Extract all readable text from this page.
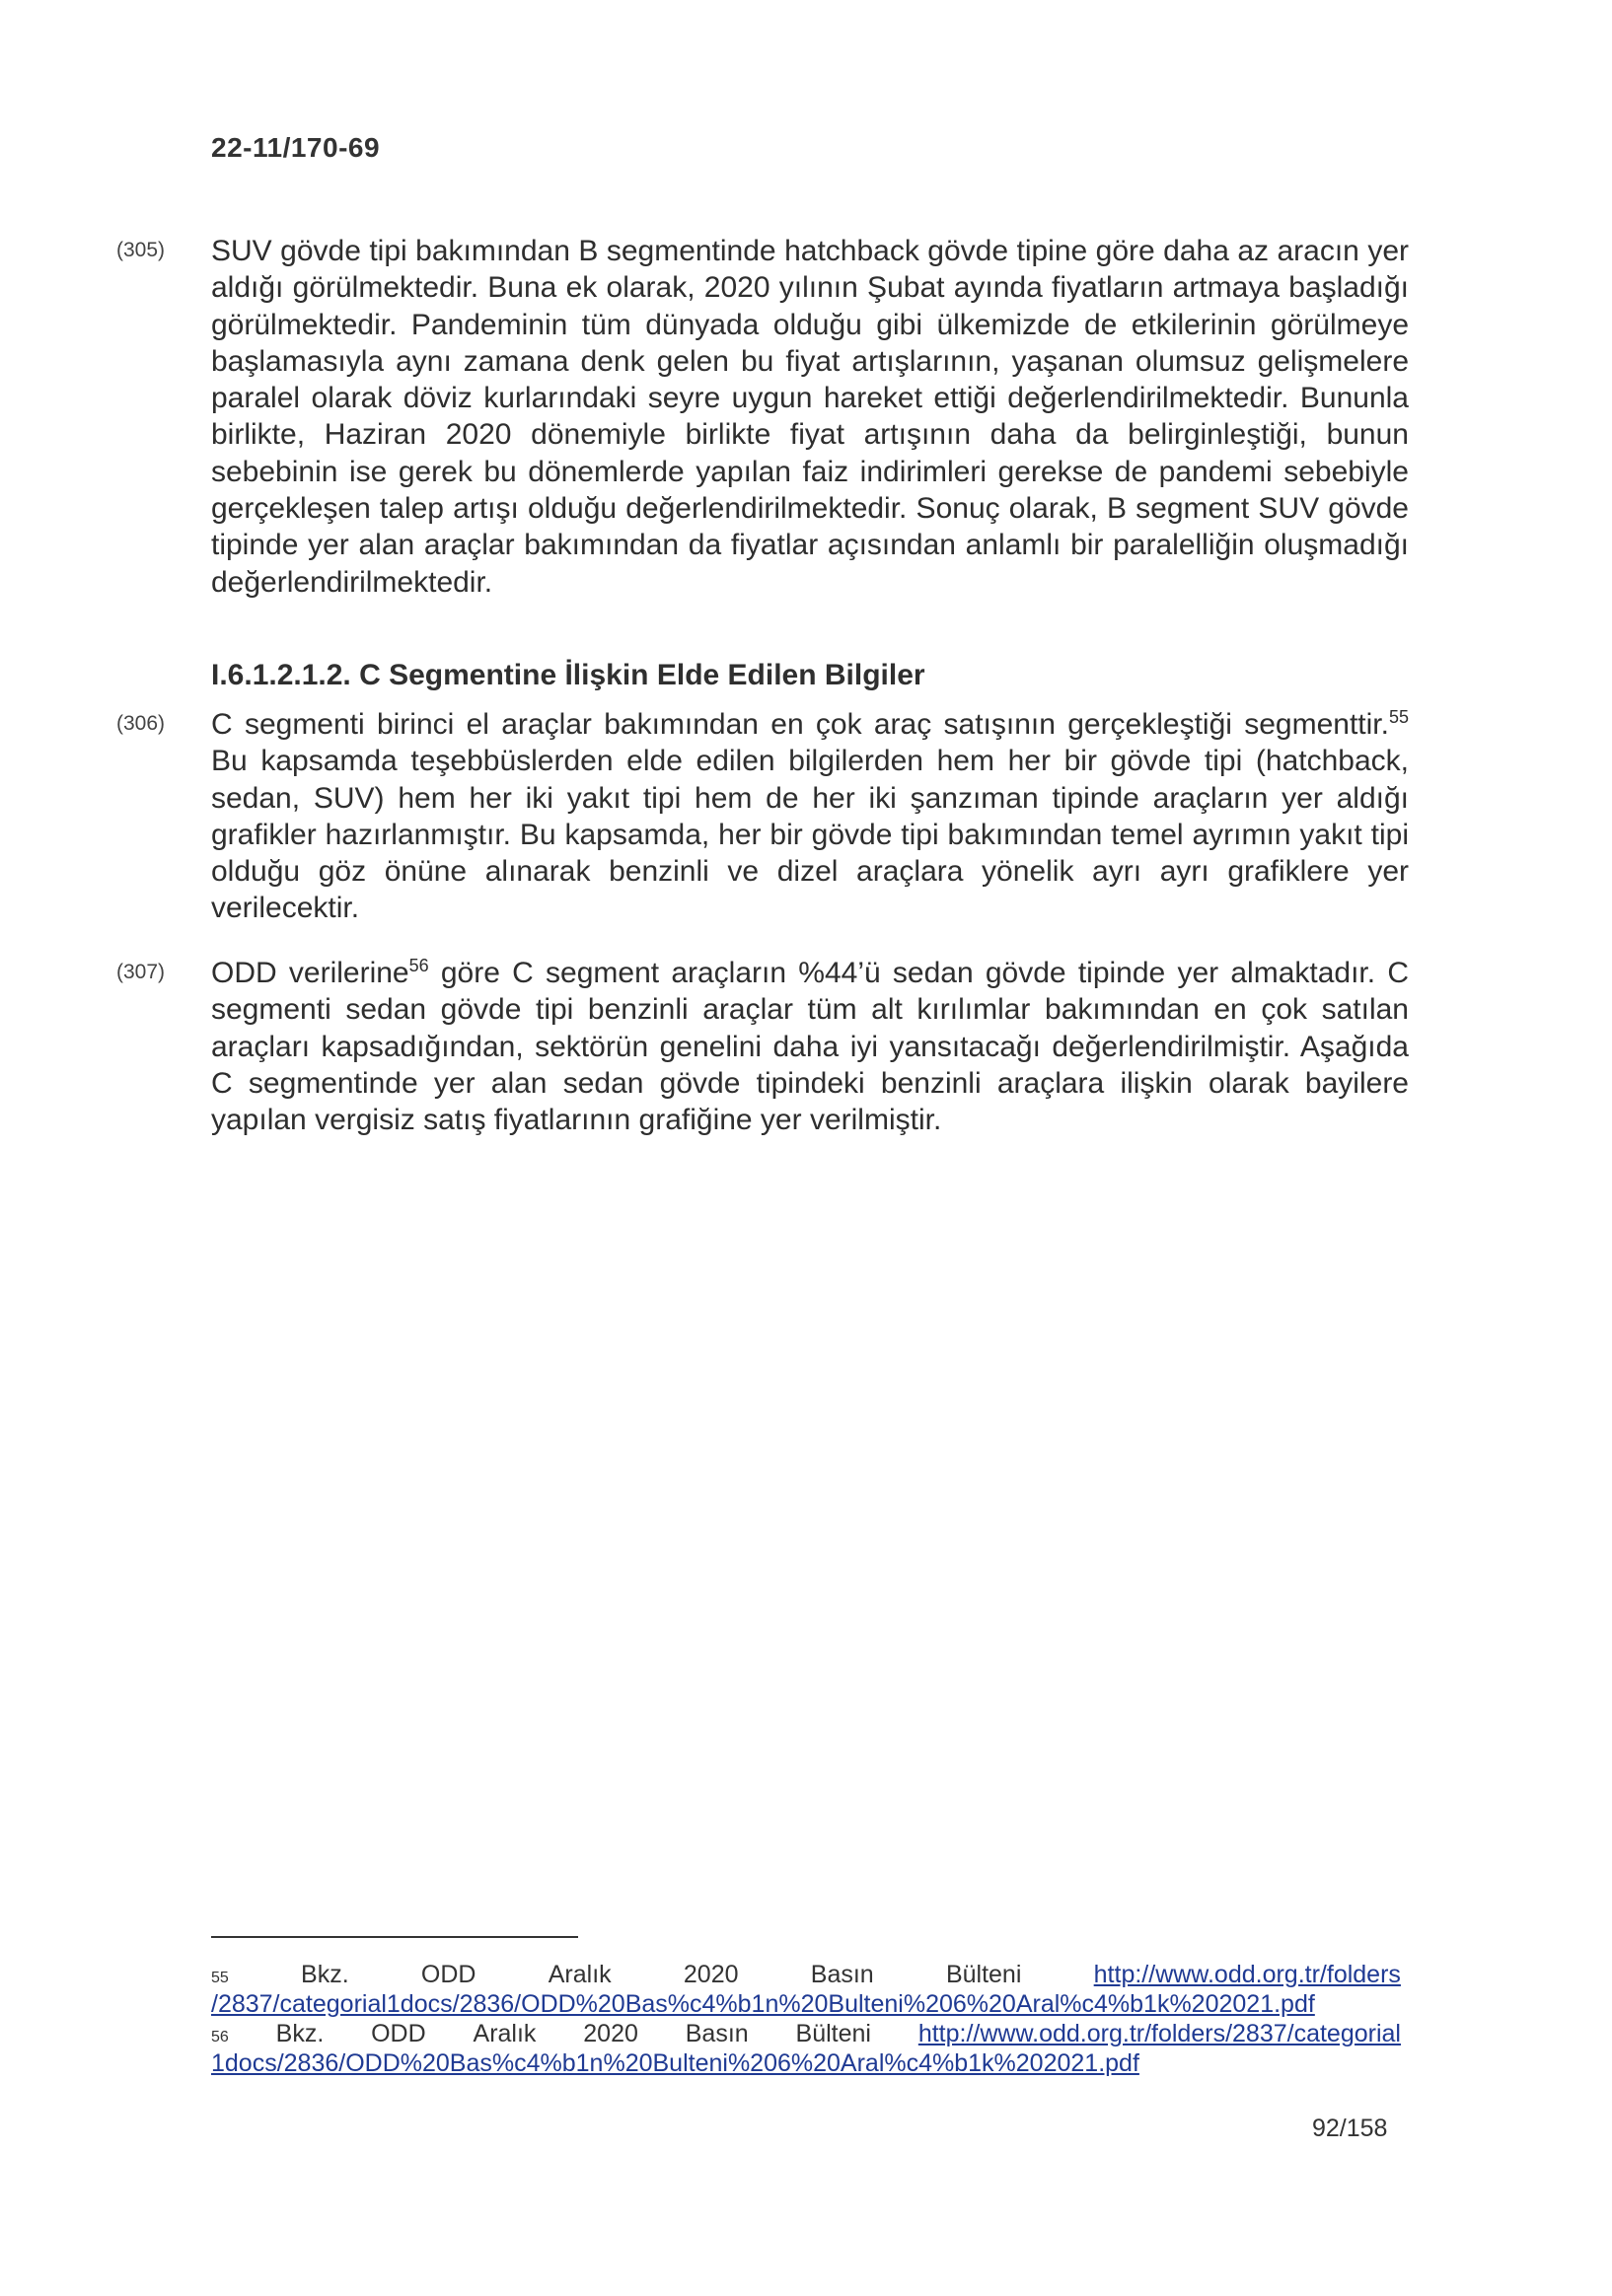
22-11/170-69
(305) SUV gövde tipi bakımından B segmentinde hatchback gövde tipine göre daha az aracın yer aldığı görülmektedir. Buna ek olarak, 2020 yılının Şubat ayında fiyatların artmaya başladığı görülmektedir. Pandeminin tüm dünyada olduğu gibi ülkemizde de etkilerinin görülmeye başlamasıyla aynı zamana denk gelen bu fiyat artışlarının, yaşanan olumsuz gelişmelere paralel olarak döviz kurlarındaki seyre uygun hareket ettiği değerlendirilmektedir. Bununla birlikte, Haziran 2020 dönemiyle birlikte fiyat artışının daha da belirginleştiği, bunun sebebinin ise gerek bu dönemlerde yapılan faiz indirimleri gerekse de pandemi sebebiyle gerçekleşen talep artışı olduğu değerlendirilmektedir. Sonuç olarak, B segment SUV gövde tipinde yer alan araçlar bakımından da fiyatlar açısından anlamlı bir paralelliğin oluşmadığı değerlendirilmektedir.
I.6.1.2.1.2. C Segmentine İlişkin Elde Edilen Bilgiler
(306) C segmenti birinci el araçlar bakımından en çok araç satışının gerçekleştiği segmenttir.$^{55}$ Bu kapsamda teşebbüslerden elde edilen bilgilerden hem her bir gövde tipi (hatchback, sedan, SUV) hem her iki yakıt tipi hem de her iki şanzıman tipinde araçların yer aldığı grafikler hazırlanmıştır. Bu kapsamda, her bir gövde tipi bakımından temel ayrımın yakıt tipi olduğu göz önüne alınarak benzinli ve dizel araçlara yönelik ayrı ayrı grafiklere yer verilecektir.
(307) ODD verilerine$^{56}$ göre C segment araçların %44’ü sedan gövde tipinde yer almaktadır. C segmenti sedan gövde tipi benzinli araçlar tüm alt kırılımlar bakımından en çok satılan araçları kapsadığından, sektörün genelini daha iyi yansıtacağı değerlendirilmiştir. Aşağıda C segmentinde yer alan sedan gövde tipindeki benzinli araçlara ilişkin olarak bayilere yapılan vergisiz satış fiyatlarının grafiğine yer verilmiştir.
55	Bkz.	ODD	Aralık	2020	Basın	Bülteni	http://www.odd.org.tr/folders
/2837/categorial1docs/2836/ODD%20Bas%c4%b1n%20Bulteni%206%20Aral%c4%b1k%202021.pdf
56 Bkz. ODD Aralık 2020 Basın Bülteni http://www.odd.org.tr/folders/2837/categorial
1docs/2836/ODD%20Bas%c4%b1n%20Bulteni%206%20Aral%c4%b1k%202021.pdf
92/158
